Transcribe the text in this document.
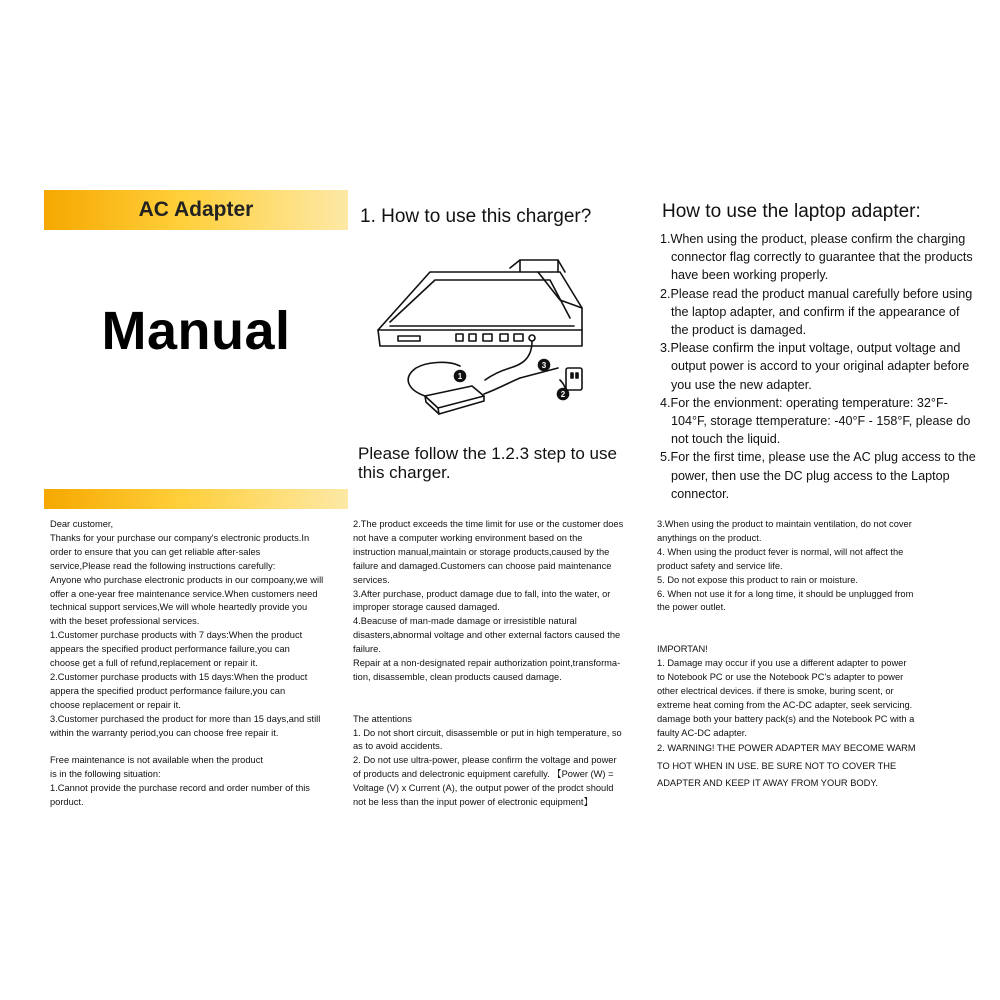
AC Adapter
Manual
1. How to use this charger?
1
2
3
Please follow the 1.2.3 step to use this charger.
How to use the laptop adapter:
1.When using the product, please confirm the charging connector flag correctly to guarantee that the products have been working properly.
2.Please read the product manual carefully before using the laptop adapter, and confirm if the appearance of the product is damaged.
3.Please confirm the input voltage, output voltage and output power is accord to your original adapter before you use the new adapter.
4.For the envionment: operating temperature: 32°F-104°F, storage ttemperature: -40°F - 158°F, please do not touch the liquid.
5.For the first time, please use the AC plug access to the power, then use the DC plug access to the Laptop connector.

Dear customer,

Thanks for your purchase our company's electronic products.In
order to ensure that you can get reliable after-sales
service,Please read the following instructions carefully:
Anyone who purchase electronic products in our compoany,we will
offer a one-year free maintenance service.When customers need
technical support services,We will whole heartedly provide you
with the beset professional services.
1.Customer purchase products with 7 days:When the product
appears the specified product performance failure,you can
choose get a full of refund,replacement or repair it.
2.Customer purchase products with 15 days:When the product
appera the specified product performance failure,you can
choose replacement or repair it.
3.Customer purchased the product for more than 15 days,and still
within the warranty period,you can choose free repair it.

Free maintenance is not available when the product
is in the following situation:
1.Cannot provide the purchase record and order number of this
porduct.

2.The product exceeds the time limit for use or the customer does
not have a computer working environment based on the
instruction manual,maintain or storage products,caused by the
failure and damaged.Customers can choose paid maintenance
services.
3.After purchase, product damage due to fall, into the water, or
improper storage caused damaged.
4.Beacuse of man-made damage or irresistible natural
disasters,abnormal voltage and other external factors caused the
failure.
Repair at a non-designated repair authorization point,transforma-
tion, disassemble, clean products caused damage.

The attentions
1. Do not short circuit, disassemble or put in high temperature, so
as to avoid accidents.
2. Do not use ultra-power, please confirm the voltage and power
of products and delectronic equipment carefully. 【Power (W) =
Voltage (V) x Current (A), the output power of the prodct should
not be less than the input power of electronic equipment】

3.When using the product to maintain ventilation, do not cover
anythings on the product.
4. When using the product fever is normal, will not affect the
product safety and service life.
5. Do not expose this product to rain or moisture.
6. When not use it for a long time, it should be unplugged from
the power outlet.

IMPORTAN!
1. Damage may occur if you use a different adapter to power
to Notebook PC or use the Notebook PC's adapter to power
other electrical devices. if there is smoke, buring scent, or
extreme heat coming from the AC-DC adapter, seek servicing.
damage both your battery pack(s) and the Notebook PC with a
faulty AC-DC adapter.

2. WARNING! THE POWER ADAPTER MAY BECOME WARM
TO HOT WHEN IN USE. BE SURE NOT TO COVER THE
ADAPTER AND KEEP IT AWAY FROM YOUR BODY.
